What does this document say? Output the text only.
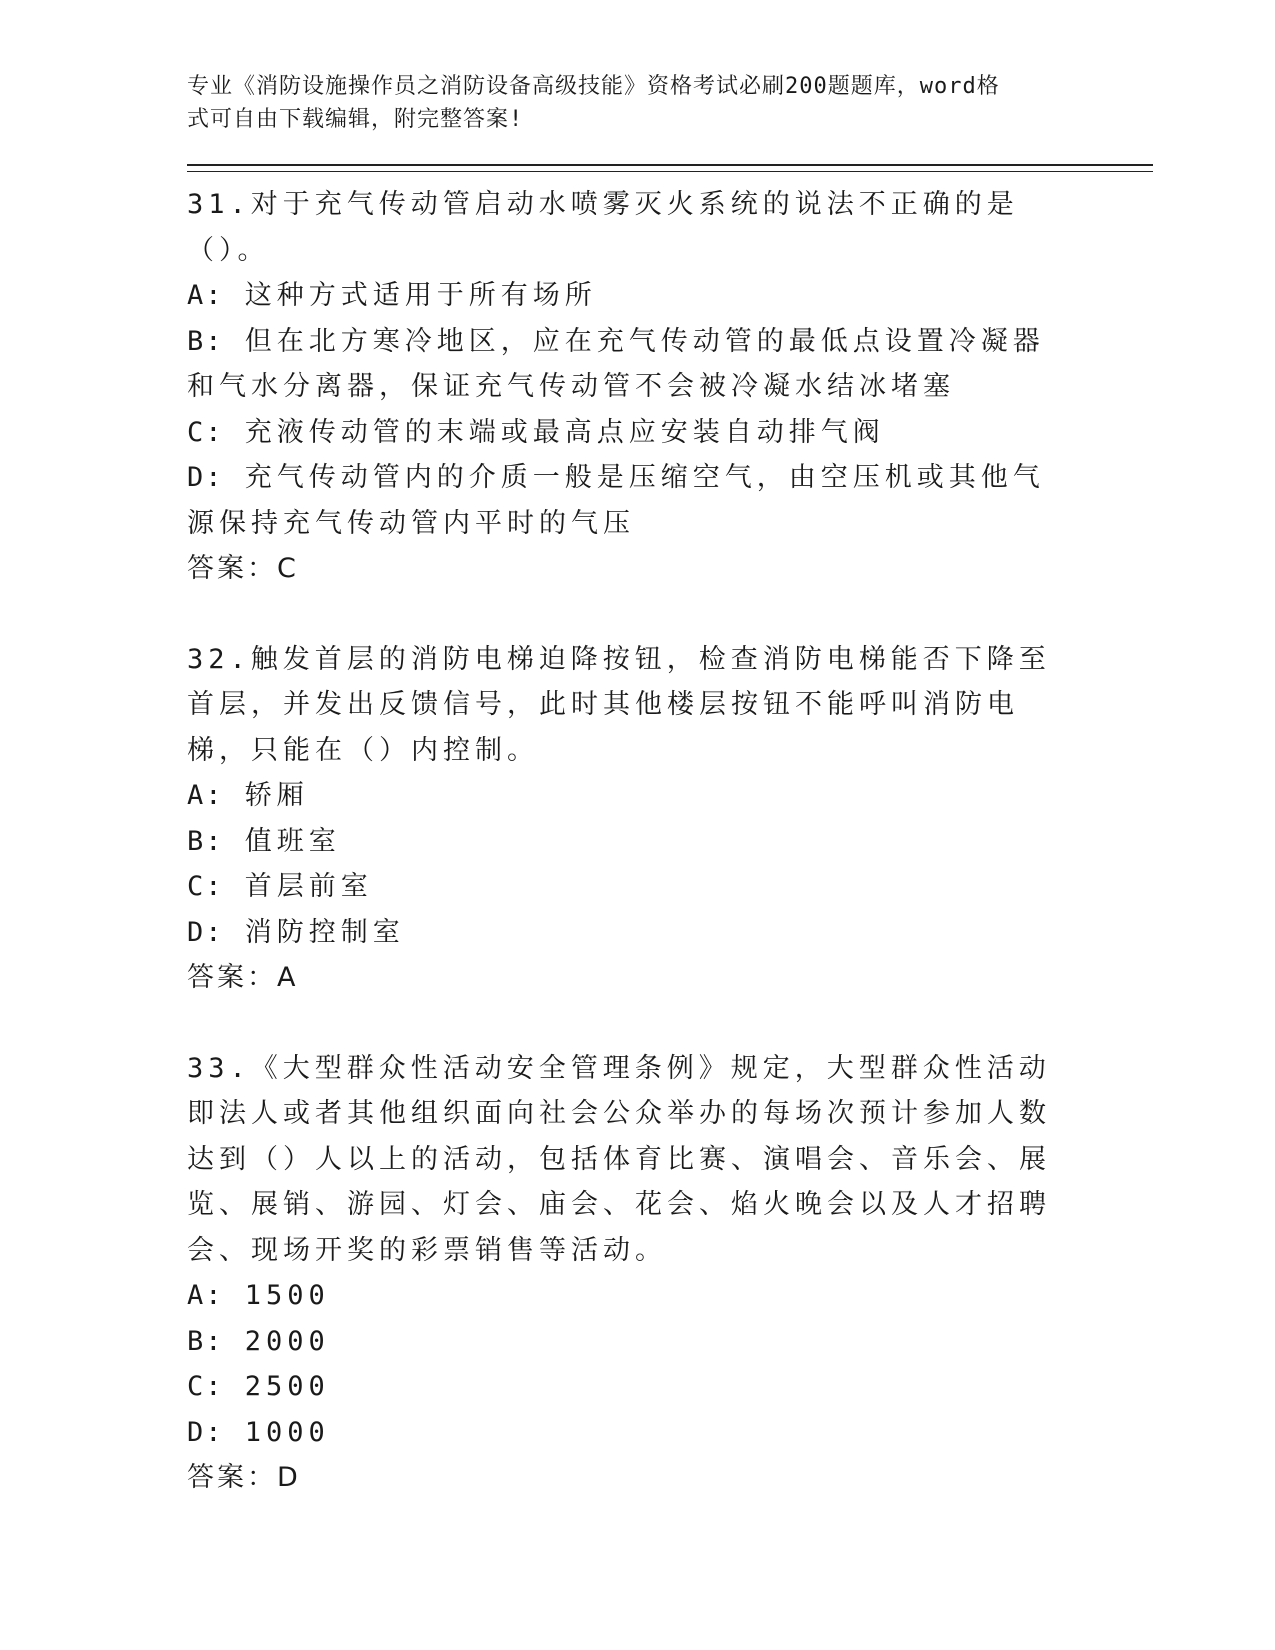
专业《消防设施操作员之消防设备高级技能》资格考试必刷200题题库，word格
式可自由下载编辑，附完整答案!

31.对于充气传动管启动水喷雾灭火系统的说法不正确的是（）。

A: 这种方式适用于所有场所

B: 但在北方寒冷地区，应在充气传动管的最低点设置冷凝器和气水分离器，保证充气传动管不会被冷凝水结冰堵塞

C: 充液传动管的末端或最高点应安装自动排气阀

D: 充气传动管内的介质一般是压缩空气，由空压机或其他气源保持充气传动管内平时的气压

答案：C

32.触发首层的消防电梯迫降按钮，检查消防电梯能否下降至首层，并发出反馈信号，此时其他楼层按钮不能呼叫消防电梯，只能在（）内控制。

A: 轿厢

B: 值班室

C: 首层前室

D: 消防控制室

答案：A

33.《大型群众性活动安全管理条例》规定，大型群众性活动即法人或者其他组织面向社会公众举办的每场次预计参加人数达到（）人以上的活动，包括体育比赛、演唱会、音乐会、展览、展销、游园、灯会、庙会、花会、焰火晚会以及人才招聘会、现场开奖的彩票销售等活动。

A: 1500

B: 2000

C: 2500

D: 1000

答案：D
